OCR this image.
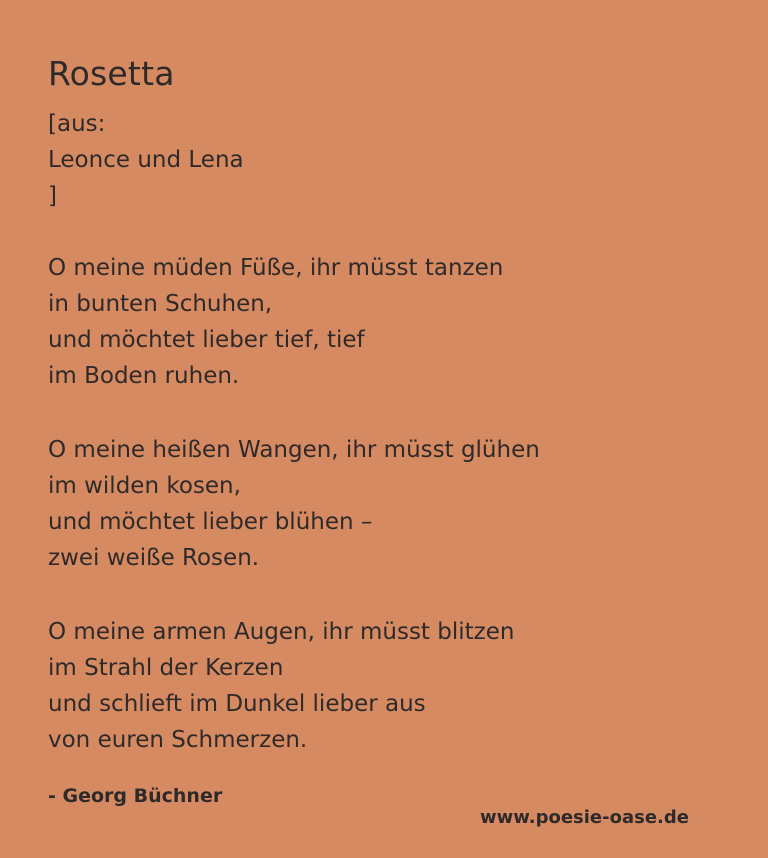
Rosetta
[aus:
Leonce und Lena
]
O meine müden Füße, ihr müsst tanzen
in bunten Schuhen,
und möchtet lieber tief, tief
im Boden ruhen.
O meine heißen Wangen, ihr müsst glühen
im wilden kosen,
und möchtet lieber blühen –
zwei weiße Rosen.
O meine armen Augen, ihr müsst blitzen
im Strahl der Kerzen
und schlieft im Dunkel lieber aus
von euren Schmerzen.
- Georg Büchner
www.poesie-oase.de
